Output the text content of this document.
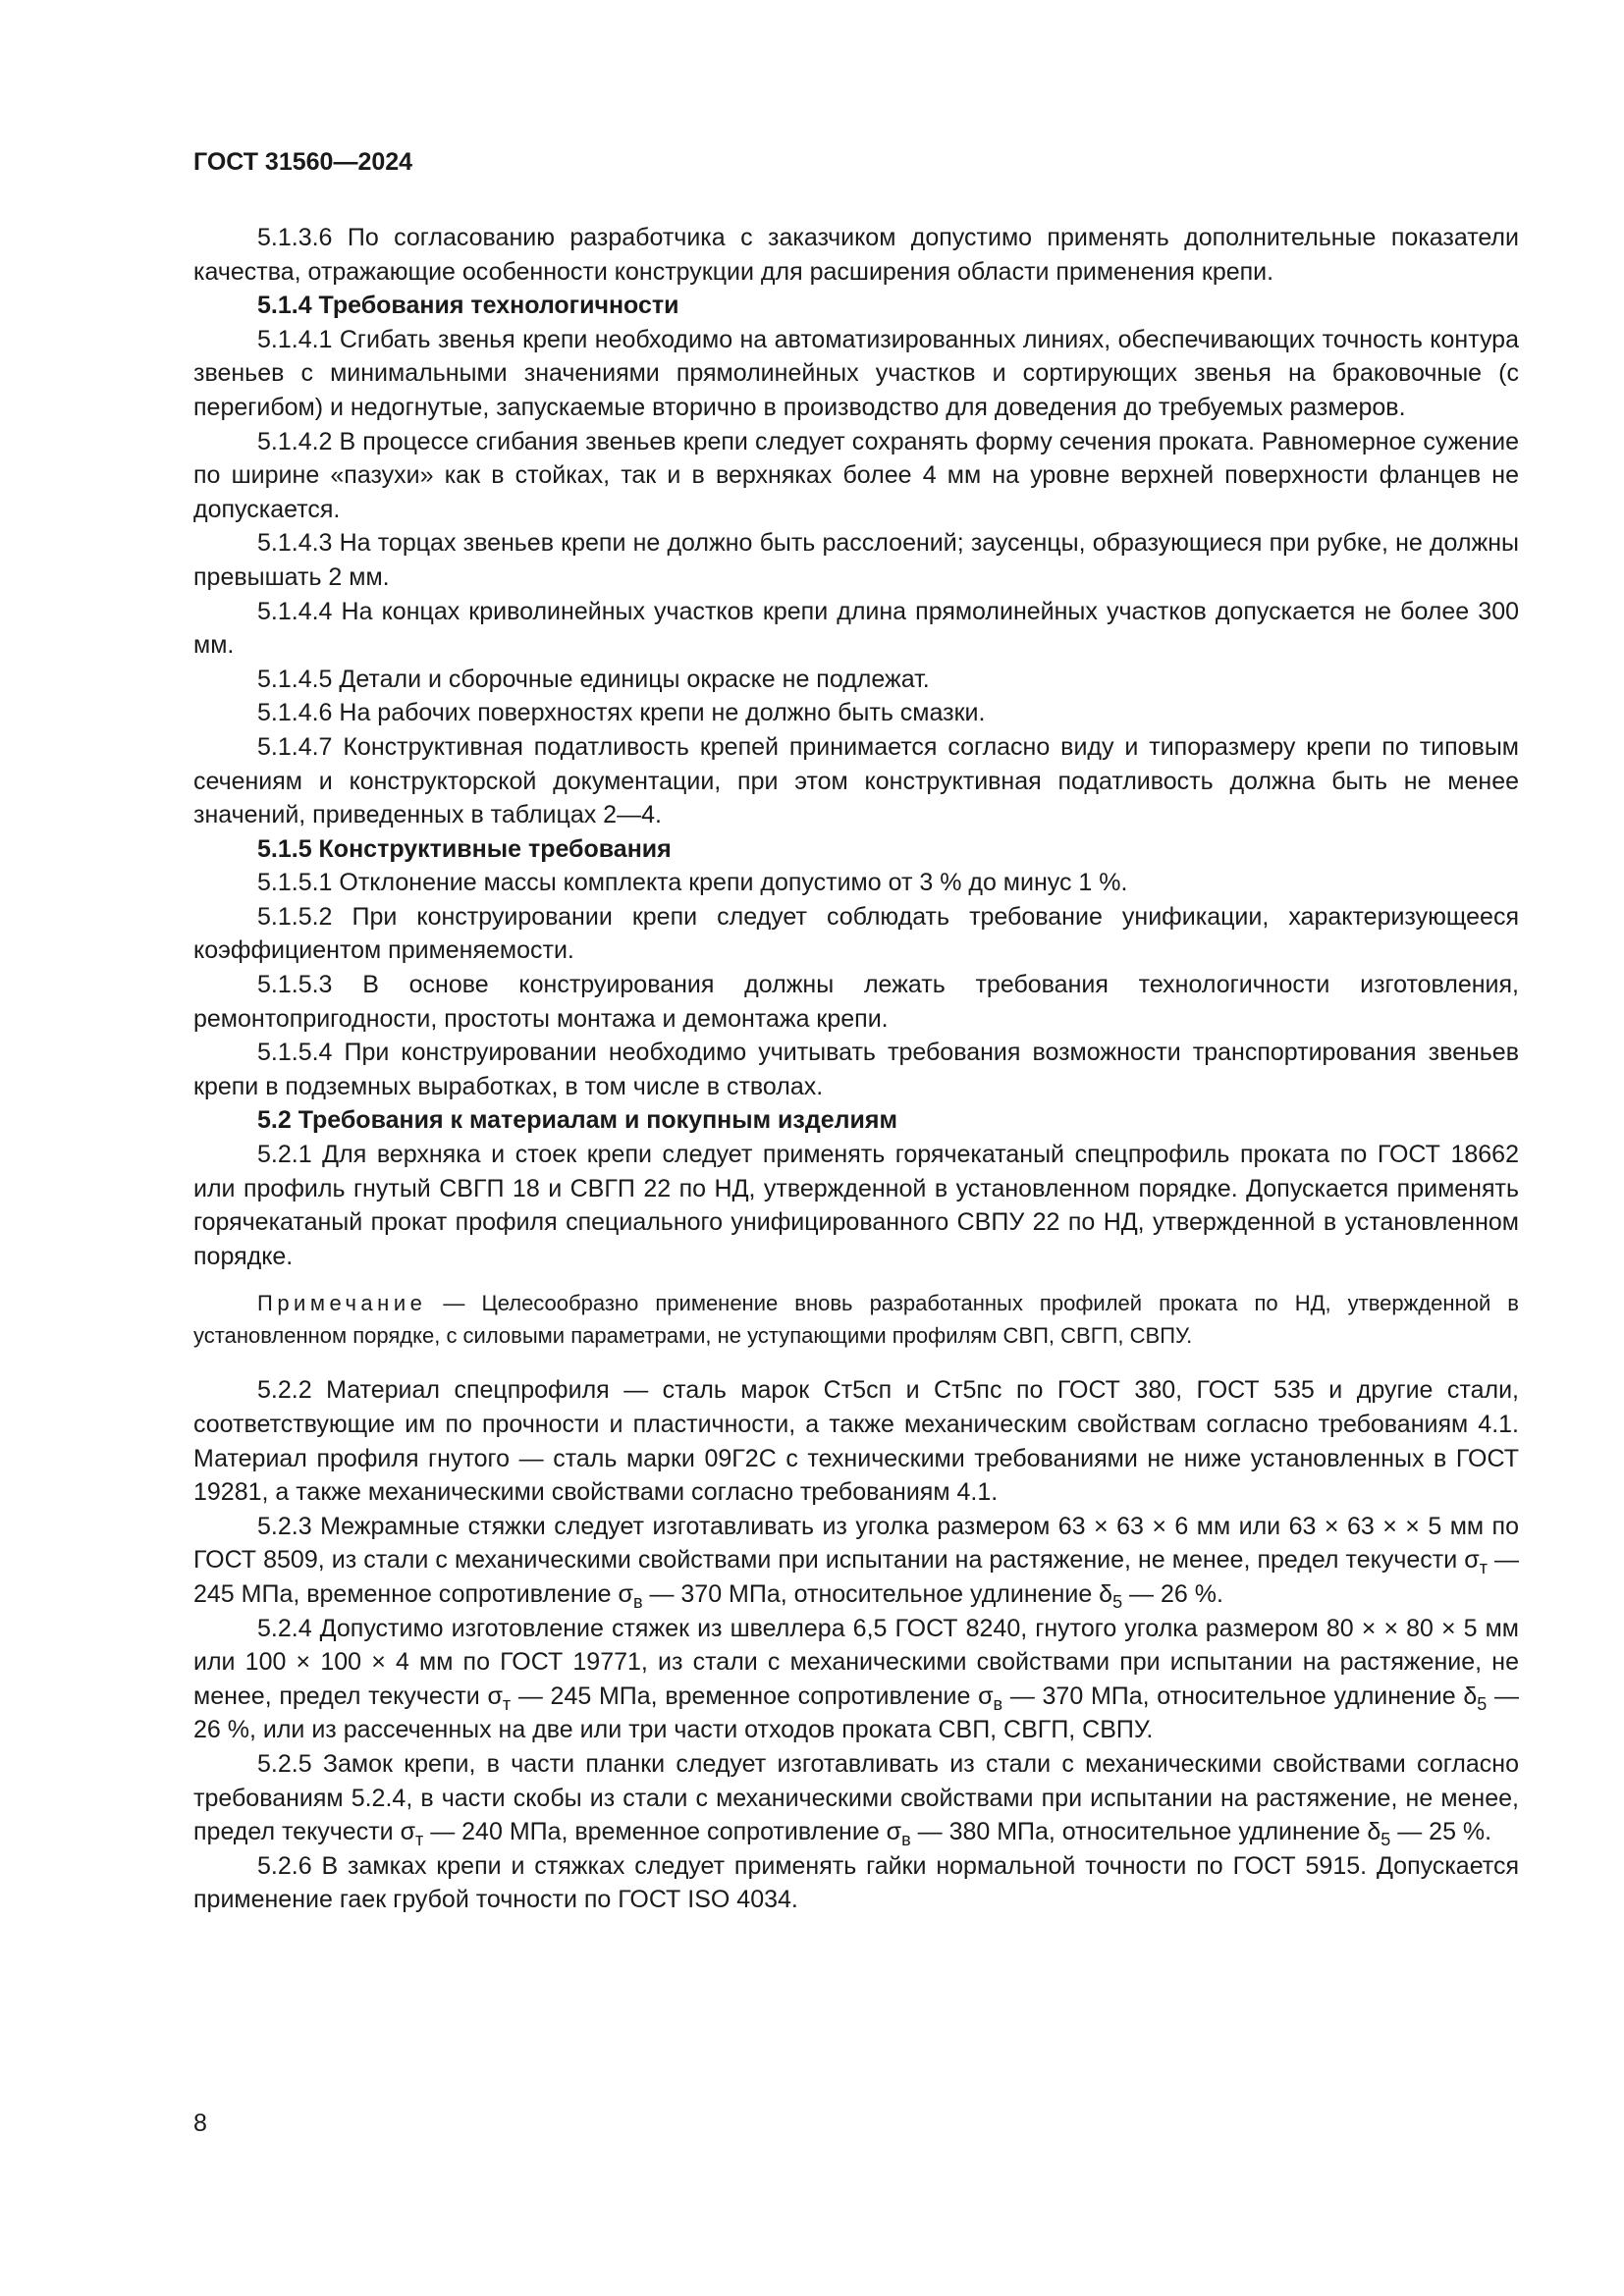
ГОСТ 31560—2024

5.1.3.6 По согласованию разработчика с заказчиком допустимо применять дополнительные показатели качества, отражающие особенности конструкции для расширения области применения крепи.

5.1.4 Требования технологичности

5.1.4.1 Сгибать звенья крепи необходимо на автоматизированных линиях, обеспечивающих точность контура звеньев с минимальными значениями прямолинейных участков и сортирующих звенья на браковочные (с перегибом) и недогнутые, запускаемые вторично в производство для доведения до требуемых размеров.

5.1.4.2 В процессе сгибания звеньев крепи следует сохранять форму сечения проката. Равномерное сужение по ширине «пазухи» как в стойках, так и в верхняках более 4 мм на уровне верхней поверхности фланцев не допускается.

5.1.4.3 На торцах звеньев крепи не должно быть расслоений; заусенцы, образующиеся при рубке, не должны превышать 2 мм.

5.1.4.4 На концах криволинейных участков крепи длина прямолинейных участков допускается не более 300 мм.

5.1.4.5 Детали и сборочные единицы окраске не подлежат.

5.1.4.6 На рабочих поверхностях крепи не должно быть смазки.

5.1.4.7 Конструктивная податливость крепей принимается согласно виду и типоразмеру крепи по типовым сечениям и конструкторской документации, при этом конструктивная податливость должна быть не менее значений, приведенных в таблицах 2—4.

5.1.5 Конструктивные требования

5.1.5.1 Отклонение массы комплекта крепи допустимо от 3 % до минус 1 %.

5.1.5.2 При конструировании крепи следует соблюдать требование унификации, характеризующееся коэффициентом применяемости.

5.1.5.3 В основе конструирования должны лежать требования технологичности изготовления, ремонтопригодности, простоты монтажа и демонтажа крепи.

5.1.5.4 При конструировании необходимо учитывать требования возможности транспортирования звеньев крепи в подземных выработках, в том числе в стволах.

5.2 Требования к материалам и покупным изделиям

5.2.1 Для верхняка и стоек крепи следует применять горячекатаный спецпрофиль проката по ГОСТ 18662 или профиль гнутый СВГП 18 и СВГП 22 по НД, утвержденной в установленном порядке. Допускается применять горячекатаный прокат профиля специального унифицированного СВПУ 22 по НД, утвержденной в установленном порядке.

Примечание — Целесообразно применение вновь разработанных профилей проката по НД, утвержденной в установленном порядке, с силовыми параметрами, не уступающими профилям СВП, СВГП, СВПУ.

5.2.2 Материал спецпрофиля — сталь марок Ст5сп и Ст5пс по ГОСТ 380, ГОСТ 535 и другие стали, соответствующие им по прочности и пластичности, а также механическим свойствам согласно требованиям 4.1. Материал профиля гнутого — сталь марки 09Г2С с техническими требованиями не ниже установленных в ГОСТ 19281, а также механическими свойствами согласно требованиям 4.1.

5.2.3 Межрамные стяжки следует изготавливать из уголка размером 63 × 63 × 6 мм или 63 × 63 × × 5 мм по ГОСТ 8509, из стали с механическими свойствами при испытании на растяжение, не менее, предел текучести $\sigma_т$ — 245 МПа, временное сопротивление $\sigma_в$ — 370 МПа, относительное удлинение $\delta_5$ — 26 %.

5.2.4 Допустимо изготовление стяжек из швеллера 6,5 ГОСТ 8240, гнутого уголка размером 80 × × 80 × 5 мм или 100 × 100 × 4 мм по ГОСТ 19771, из стали с механическими свойствами при испытании на растяжение, не менее, предел текучести $\sigma_т$ — 245 МПа, временное сопротивление $\sigma_в$ — 370 МПа, относительное удлинение $\delta_5$ — 26 %, или из рассеченных на две или три части отходов проката СВП, СВГП, СВПУ.

5.2.5 Замок крепи, в части планки следует изготавливать из стали с механическими свойствами согласно требованиям 5.2.4, в части скобы из стали с механическими свойствами при испытании на растяжение, не менее, предел текучести $\sigma_т$ — 240 МПа, временное сопротивление $\sigma_в$ — 380 МПа, относительное удлинение $\delta_5$ — 25 %.

5.2.6 В замках крепи и стяжках следует применять гайки нормальной точности по ГОСТ 5915. Допускается применение гаек грубой точности по ГОСТ ISO 4034.

8
